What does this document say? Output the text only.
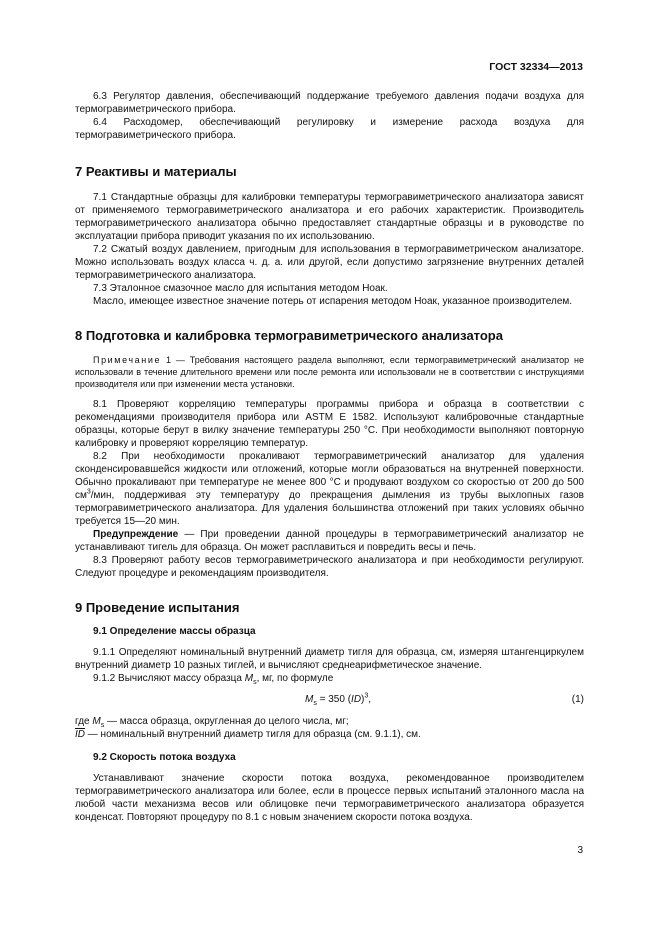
ГОСТ 32334—2013

6.3 Регулятор давления, обеспечивающий поддержание требуемого давления подачи воздуха для термогравиметрического прибора.

6.4 Расходомер, обеспечивающий регулировку и измерение расхода воздуха для термогравиметрического прибора.

7 Реактивы и материалы

7.1 Стандартные образцы для калибровки температуры термогравиметрического анализатора зависят от применяемого термогравиметрического анализатора и его рабочих характеристик. Производитель термогравиметрического анализатора обычно предоставляет стандартные образцы и в руководстве по эксплуатации прибора приводит указания по их использованию.

7.2 Сжатый воздух давлением, пригодным для использования в термогравиметрическом анализаторе. Можно использовать воздух класса ч. д. а. или другой, если допустимо загрязнение внутренних деталей термогравиметрического анализатора.

7.3 Эталонное смазочное масло для испытания методом Ноак.

Масло, имеющее известное значение потерь от испарения методом Ноак, указанное производителем.

8 Подготовка и калибровка термогравиметрического анализатора

Примечание 1 — Требования настоящего раздела выполняют, если термогравиметрический анализатор не использовали в течение длительного времени или после ремонта или использовали не в соответствии с инструкциями производителя или при изменении места установки.

8.1 Проверяют корреляцию температуры программы прибора и образца в соответствии с рекомендациями производителя прибора или ASTM E 1582. Используют калибровочные стандартные образцы, которые берут в вилку значение температуры 250 °С. При необходимости выполняют повторную калибровку и проверяют корреляцию температур.

8.2 При необходимости прокаливают термогравиметрический анализатор для удаления сконденсировавшейся жидкости или отложений, которые могли образоваться на внутренней поверхности. Обычно прокаливают при температуре не менее 800 °С и продувают воздухом со скоростью от 200 до 500 $см^3$/мин, поддерживая эту температуру до прекращения дымления из трубы выхлопных газов термогравиметрического анализатора. Для удаления большинства отложений при таких условиях обычно требуется 15—20 мин.

Предупреждение — При проведении данной процедуры в термогравиметрический анализатор не устанавливают тигель для образца. Он может расплавиться и повредить весы и печь.

8.3 Проверяют работу весов термогравиметрического анализатора и при необходимости регулируют. Следуют процедуре и рекомендациям производителя.

9 Проведение испытания
9.1 Определение массы образца

9.1.1 Определяют номинальный внутренний диаметр тигля для образца, см, измеряя штангенциркулем внутренний диаметр 10 разных тиглей, и вычисляют среднеарифметическое значение.

9.1.2 Вычисляют массу образца $M_s$, мг, по формуле

$M_s = 350$ (ID)$^3$,	(1)
где $M_s$ — масса образца, округленная до целого числа, мг;
$\overline{ID}$ — номинальный внутренний диаметр тигля для образца (см. 9.1.1), см.
9.2 Скорость потока воздуха

Устанавливают значение скорости потока воздуха, рекомендованное производителем термогравиметрического анализатора или более, если в процессе первых испытаний эталонного масла на любой части механизма весов или облицовке печи термогравиметрического анализатора образуется конденсат. Повторяют процедуру по 8.1 с новым значением скорости потока воздуха.

3
